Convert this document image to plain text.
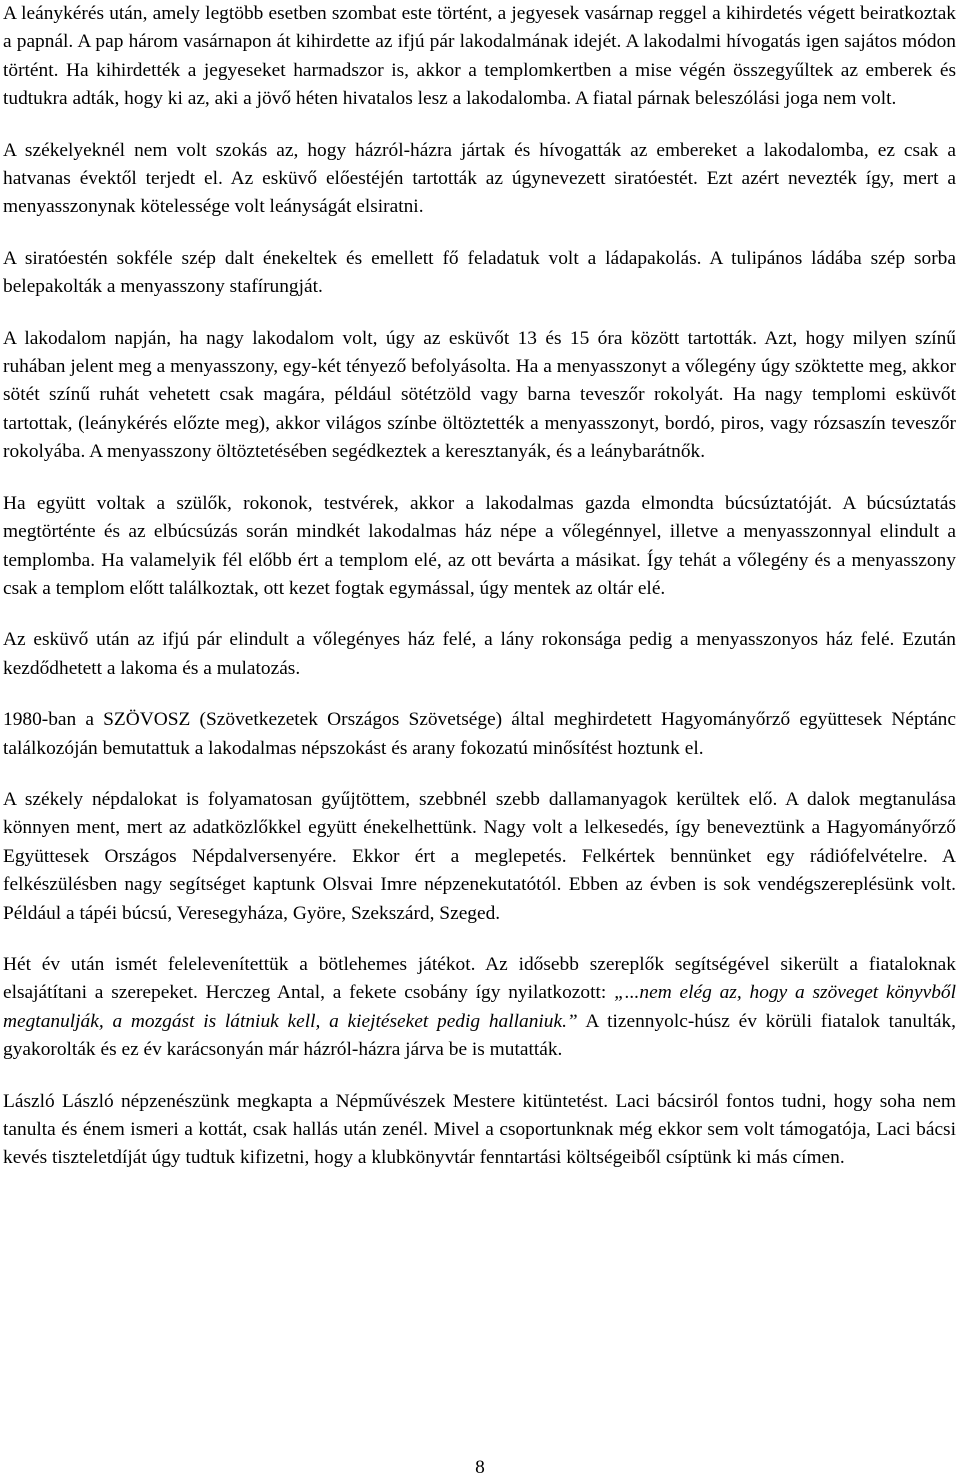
A leánykérés után, amely legtöbb esetben szombat este történt, a jegyesek vasárnap reggel a kihirdetés végett beiratkoztak a papnál. A pap három vasárnapon át kihirdette az ifjú pár lakodalmának idejét. A lakodalmi hívogatás igen sajátos módon történt. Ha kihirdették a jegyeseket harmadszor is, akkor a templomkertben a mise végén összegyűltek az emberek és tudtukra adták, hogy ki az, aki a jövő héten hivatalos lesz a lakodalomba. A fiatal párnak beleszólási joga nem volt.

A székelyeknél nem volt szokás az, hogy házról-házra jártak és hívogatták az embereket a lakodalomba, ez csak a hatvanas évektől terjedt el. Az esküvő előestéjén tartották az úgynevezett siratóestét. Ezt azért nevezték így, mert a menyasszonynak kötelessége volt leányságát elsiratni.

A siratóestén sokféle szép dalt énekeltek és emellett fő feladatuk volt a ládapakolás. A tulipános ládába szép sorba belepakolták a menyasszony stafírungját.

A lakodalom napján, ha nagy lakodalom volt, úgy az esküvőt 13 és 15 óra között tartották. Azt, hogy milyen színű ruhában jelent meg a menyasszony, egy-két tényező befolyásolta. Ha a menyasszonyt a vőlegény úgy szöktette meg, akkor sötét színű ruhát vehetett csak magára, például sötétzöld vagy barna teveszőr rokolyát. Ha nagy templomi esküvőt tartottak, (leánykérés előzte meg), akkor világos színbe öltöztették a menyasszonyt, bordó, piros, vagy rózsaszín teveszőr rokolyába. A menyasszony öltöztetésében segédkeztek a keresztanyák, és a leánybarátnők.

Ha együtt voltak a szülők, rokonok, testvérek, akkor a lakodalmas gazda elmondta búcsúztatóját. A búcsúztatás megtörténte és az elbúcsúzás során mindkét lakodalmas ház népe a vőlegénnyel, illetve a menyasszonnyal elindult a templomba. Ha valamelyik fél előbb ért a templom elé, az ott bevárta a másikat. Így tehát a vőlegény és a menyasszony csak a templom előtt találkoztak, ott kezet fogtak egymással, úgy mentek az oltár elé.

Az esküvő után az ifjú pár elindult a vőlegényes ház felé, a lány rokonsága pedig a menyasszonyos ház felé. Ezután kezdődhetett a lakoma és a mulatozás.

1980-ban a SZÖVOSZ (Szövetkezetek Országos Szövetsége) által meghirdetett Hagyományőrző együttesek Néptánc találkozóján bemutattuk a lakodalmas népszokást és arany fokozatú minősítést hoztunk el.

A székely népdalokat is folyamatosan gyűjtöttem, szebbnél szebb dallamanyagok kerültek elő. A dalok megtanulása könnyen ment, mert az adatközlőkkel együtt énekelhettünk. Nagy volt a lelkesedés, így beneveztünk a Hagyományőrző Együttesek Országos Népdalversenyére. Ekkor ért a meglepetés. Felkértek bennünket egy rádiófelvételre. A felkészülésben nagy segítséget kaptunk Olsvai Imre népzenekutatótól. Ebben az évben is sok vendégszereplésünk volt. Például a tápéi búcsú, Veresegyháza, Györe, Szekszárd, Szeged.

Hét év után ismét felelevenítettük a bötlehemes játékot. Az idősebb szereplők segítségével sikerült a fiataloknak elsajátítani a szerepeket. Herczeg Antal, a fekete csobány így nyilatkozott: „...nem elég az, hogy a szöveget könyvből megtanulják, a mozgást is látniuk kell, a kiejtéseket pedig hallaniuk.” A tizennyolc-húsz év körüli fiatalok tanulták, gyakorolták és ez év karácsonyán már házról-házra járva be is mutatták.

László László népzenészünk megkapta a Népművészek Mestere kitüntetést. Laci bácsiról fontos tudni, hogy soha nem tanulta és énem ismeri a kottát, csak hallás után zenél. Mivel a csoportunknak még ekkor sem volt támogatója, Laci bácsi kevés tiszteletdíját úgy tudtuk kifizetni, hogy a klubkönyvtár fenntartási költségeiből csíptünk ki más címen.

8
